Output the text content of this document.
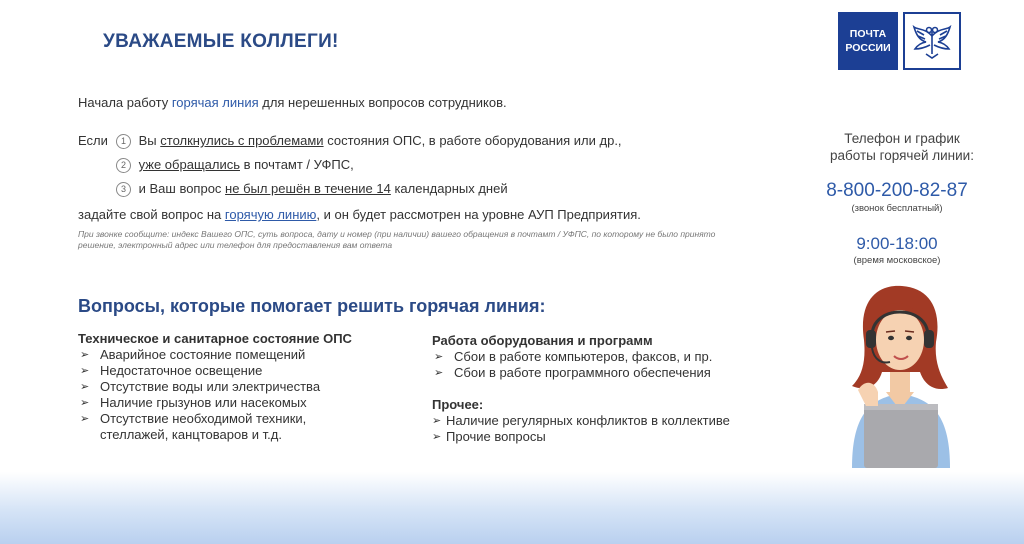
УВАЖАЕМЫЕ КОЛЛЕГИ!	ПОЧТА
РОССИИ
Начала работу горячая линия для нерешенных вопросов сотрудников.
Если	1 Вы столкнулись с проблемами состояния ОПС, в работе оборудования или др.,
2 уже обращались в почтамт / УФПС,
3 и Ваш вопрос не был решён в течение 14 календарных дней
задайте свой вопрос на горячую линию, и он будет рассмотрен на уровне АУП Предприятия.
При звонке сообщите: индекс Вашего ОПС, суть вопроса, дату и номер (при наличии) вашего обращения в почтамт / УФПС, по которому не было принято решение, электронный адрес или телефон для предоставления вам ответа
Телефон и график
работы горячей линии:
8-800-200-82-87
(звонок бесплатный)
9:00-18:00
(время московское)
Вопросы, которые помогает решить горячая линия:
Техническое и санитарное состояние ОПС
➢ Аварийное состояние помещений
➢ Недостаточное освещение
➢ Отсутствие воды или электричества
➢ Наличие грызунов или насекомых
➢ Отсутствие необходимой техники, стеллажей, канцтоваров и т.д.
Работа оборудования и программ
➢ Сбои в работе компьютеров, факсов, и пр.
➢ Сбои в работе программного обеспечения
Прочее:
➢ Наличие регулярных конфликтов в коллективе
➢ Прочие вопросы
